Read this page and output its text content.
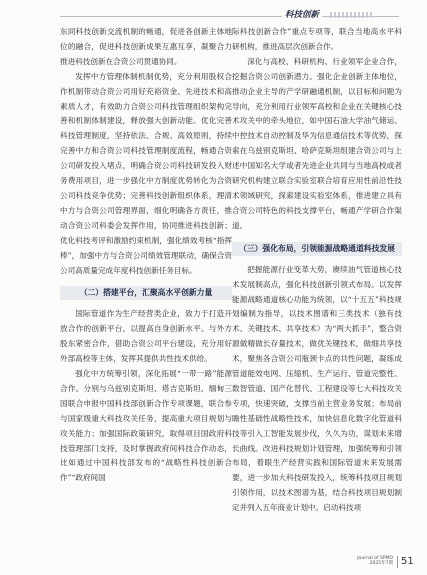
科技创新

东同科技创新交流机制的畅通，促进各创新主体地位的融合，促进科技创新成果互惠互享，凝聚合力推进科技创新在合资公司贯通协同。

发挥中方管理体制机制优势，充分利用股权合作机制带动合资公司用好充裕资金、先进技术和高素质人才，有效助力合资公司科技管理组织架构完善和机制体制建设，释放强大创新动能。优化完善科技管理制度，坚持依法、合规、高效原则，持续完善中方和合资公司科技管理制度流程，畅通合资公司研发投入堵点，明确合资公司科技研发投入财务费用项目，进一步强化中方制度优势转化为合资公司科技竞争优势；完善科技创新组织体系，理清中方与合资公司管理界面，细化明确各方责任，推动合资公司科委会发挥作用，协同推进科技创新；优化科技考评和激励约束机制，强化绩效考核“指挥棒”，加强中方与合资公司绩效管理联动，确保合资公司高质量完成年度科技创新任务目标。

（二）搭建平台，汇聚高水平创新力量

国际管道作为生产经营类企业，致力于打造开放合作的创新平台，以提高自身创新水平。与外方股东紧密合作，借助合资公司平台建设，充分用好外部高校等主体，发挥其提供共性技术供给。

强化中方统筹引领，深化拓展“一带一路”能源合作。分别与乌兹别克斯坦、塔吉克斯坦、缅甸三国联合申报中国科技部创新合作专项课题，联合参与国家级重大科技攻关任务，提高重大项目规划与攻关能力；加强国际政策研究，取得项目国政府科技管理部门支持，及时掌握政府间科技合作动态，比如通过中国科技部发布的“战略性科技创新合作”“政府间国

际科技创新合作”重点专项等，联合当地高水平科研机构，推进高层次创新合作。

深化与高校、科研机构、行业领军企业合作，挖掘合资公司创新潜力。强化企业创新主体地位，推动企业主导的产学研融通机制，以目标和问题为导向，充分利用行业领军高校和企业在关键核心技术攻关中的牵头地位，如中国石油大学油气储运、中控技术自动控制及华为信息通信技术等优势，探索在乌兹别克斯坦、哈萨克斯坦组建合资公司与上述中国知名大学或者先进企业共同与当地高校或者研究机构建立联合实验室联合培育应用性前沿性技术领域研究，探索建设实验室体系，推进建立具有合资公司特色的科技支撑平台，畅通产学研合作渠道。

（三）强化布局，引领能源战略通道科技发展

把握能源行业变革大势，赓续油气管道核心技术发展制高点，强化科技创新引领式布局。以发挥能源战略通道核心功能为统领，以“十五五”科技规划编制为指导，以技术图谱和三类技术（独有技术、关键技术、共享技术）为“两大抓手”，整合资源做精做长存量技术，做优关键技术，做细共享技术，聚焦各合资公司瓶颈卡点的共性问题，凝练成管道能效电网、压缩机、生产运行、管道完整性、数智管道、国产化替代、工程建设等七大科技攻关专项，快速突破，支撑当前主营业务发展；布局前瞻性基础性战略性技术，加快信息化数字化管道科技等引入工智能发展步伐，久久为功，谋划未来增长曲线。改进科技规划计划管理，加强统筹和引领布局，着眼生产经营实践和国际管道未来发展需要，进一步加大科技研发投入，统筹科技项目规划引领作用，以技术图谱为基，结合科技项目规划制定并列入五年商业计划中。启动科技项

Journal of SPMO
2025年7期 51
